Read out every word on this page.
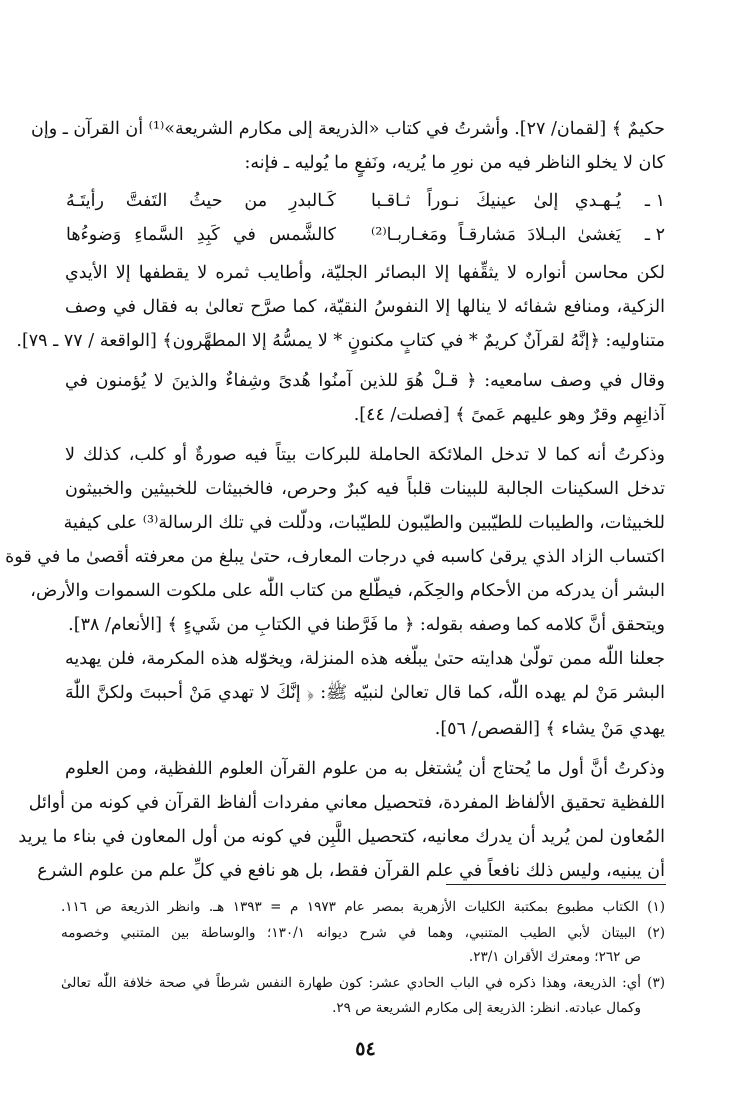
حكيمٌ ﴾ [لقمان/ ٢٧]. وأشرتُ في كتاب «الذريعة إلى مكارم الشريعة»⁽¹⁾ أن القرآن ـ وإن
كان لا يخلو الناظر فيه من نورِ ما يُريه، ونَفعٍ ما يُوليه ـ فإنه:
١ ـ
كَـالبدرِ من حيثُ التَفتَّ رأيتَـهُ يُـهـدي إلىٰ عينيكَ نـوراً ثـاقـبا
٢ ـ
كالشَّمس في كَبِدِ السَّماءِ وَضوءُها يَغشىٰ البـلادَ مَشارقـاً ومَغـاربـا⁽²⁾
لكن محاسن أنواره لا يثقِّفها إلا البصائر الجليّة، وأطايب ثمره لا يقطفها إلا الأيدي
الزكية، ومنافع شفائه لا ينالها إلا النفوسُ النقيّة، كما صرَّح تعالىٰ به فقال في وصف
متناوليه: ﴿إنَّهُ لقرآنٌ كريمٌ * في كتابٍ مكنونٍ * لا يمسُّهُ إلا المطهَّرون﴾ [الواقعة / ٧٧ ـ ٧٩].
وقال في وصف سامعيه: ﴿ قـلْ هُوَ للذين آمنُوا هُدىً وشِفاءٌ والذينَ لا يُؤمنون في
آذانِهِم وقرٌ وهو عليهم عَمىً ﴾ [فصلت/ ٤٤].
وذكرتُ أنه كما لا تدخل الملائكة الحاملة للبركات بيتاً فيه صورةٌ أو كلب، كذلك لا
تدخل السكينات الجالبة للبينات قلباً فيه كبرٌ وحرص، فالخبيثات للخبيثين والخبيثون
للخبيثات، والطيبات للطيّبين والطيّبون للطيّبات، ودلّلت في تلك الرسالة⁽³⁾ على كيفية
اكتساب الزاد الذي يرقىٰ كاسبه في درجات المعارف، حتىٰ يبلغ من معرفته أقصىٰ ما في قوة
البشر أن يدركه من الأحكام والحِكَم، فيطّلع من كتاب اللّٰه على ملكوت السموات والأرض،
ويتحقق أنَّ كلامه كما وصفه بقوله: ﴿ ما فَرَّطنا في الكتابِ من شَيءٍ ﴾ [الأنعام/ ٣٨].
جعلنا اللّٰه ممن تولّىٰ هدايته حتىٰ يبلّغه هذه المنزلة، ويخوّله هذه المكرمة، فلن يهديه
البشر مَنْ لم يهده اللّٰه، كما قال تعالىٰ لنبيّه ﷺ: ﴿ إنَّكَ لا تهدي مَنْ أحببتَ ولكنَّ اللّٰهَ
يهدي مَنْ يشاء ﴾ [القصص/ ٥٦].
وذكرتُ أنَّ أول ما يُحتاج أن يُشتغل به من علوم القرآن العلوم اللفظية، ومن العلوم
اللفظية تحقيق الألفاظ المفردة، فتحصيل معاني مفردات ألفاظ القرآن في كونه من أوائل
المُعاون لمن يُريد أن يدرك معانيه، كتحصيل اللَّبِن في كونه من أول المعاون في بناء ما يريد
أن يبنيه، وليس ذلك نافعاً في علم القرآن فقط، بل هو نافع في كلِّ علم من علوم الشرع
(١) الكتاب مطبوع بمكتبة الكليات الأزهرية بمصر عام ١٩٧٣ م = ١٣٩٣ هـ. وانظر الذريعة ص ١١٦.
(٢) البيتان لأبي الطيب المتنبي، وهما في شرح ديوانه ١٣٠/١؛ والوساطة بين المتنبي وخصومه
ص ٢٦٢؛ ومعترك الأقران ٢٣/١.
(٣) أي: الذريعة، وهذا ذكره في الباب الحادي عشر: كون طهارة النفس شرطاً في صحة خلافة اللّٰه تعالىٰ
وكمال عبادته. انظر: الذريعة إلى مكارم الشريعة ص ٢٩.
٥٤
